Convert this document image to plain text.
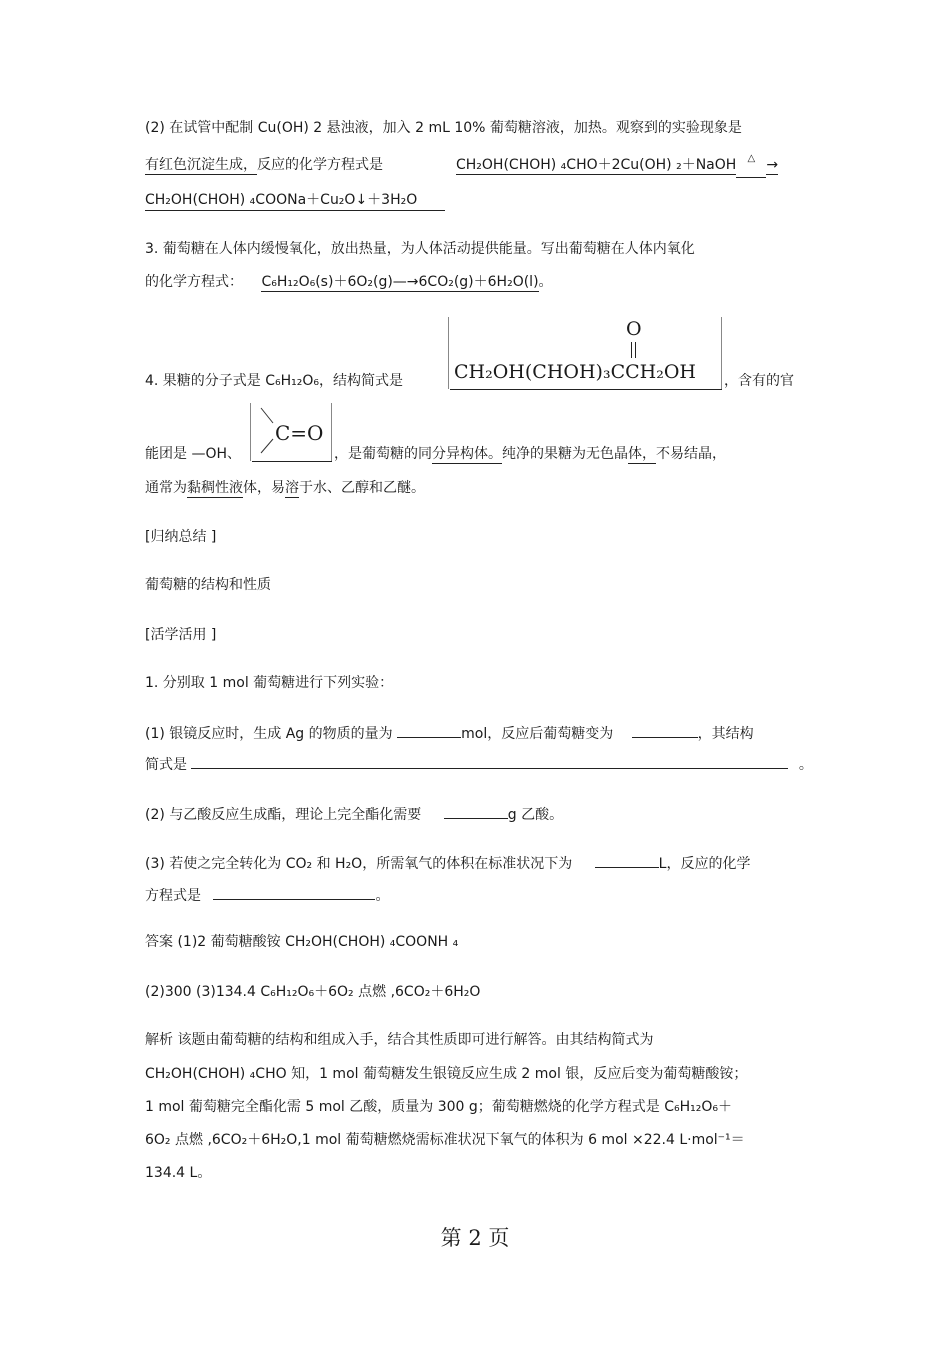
(2) 在试管中配制 Cu(OH) 2 悬浊液，加入 2 mL 10% 葡萄糖溶液，加热。观察到的实验现象是
有红色沉淀生成，反应的化学方程式是	CH₂OH(CHOH) ₄CHO＋2Cu(OH) ₂＋NaOH △ →
CH₂OH(CHOH) ₄COONa＋Cu₂O↓＋3H₂O
3. 葡萄糖在人体内缓慢氧化，放出热量，为人体活动提供能量。写出葡萄糖在人体内氧化
的化学方程式： C₆H₁₂O₆(s)＋6O₂(g)—→6CO₂(g)＋6H₂O(l)。
4. 果糖的分子式是 C₆H₁₂O₆，结构简式是
O
CH₂OH(CHOH)₃CCH₂OH ，含有的官
能团是 —OH、
C=O
，是葡萄糖的同分异构体。纯净的果糖为无色晶体，不易结晶，
通常为黏稠性液体，易溶于水、乙醇和乙醚。
[归纳总结 ]
葡萄糖的结构和性质
[活学活用 ]
1. 分别取 1 mol 葡萄糖进行下列实验：
(1) 银镜反应时，生成 Ag 的物质的量为	mol，反应后葡萄糖变为	，其结构
简式是	。
(2) 与乙酸反应生成酯，理论上完全酯化需要	g 乙酸。
(3) 若使之完全转化为 CO₂ 和 H₂O，所需氧气的体积在标准状况下为	L，反应的化学
方程式是	。
答案 (1)2 葡萄糖酸铵 CH₂OH(CHOH) ₄COONH ₄
(2)300 (3)134.4 C₆H₁₂O₆＋6O₂ 点燃 ,6CO₂＋6H₂O
解析 该题由葡萄糖的结构和组成入手，结合其性质即可进行解答。由其结构简式为
CH₂OH(CHOH) ₄CHO 知，1 mol 葡萄糖发生银镜反应生成 2 mol 银，反应后变为葡萄糖酸铵；
1 mol 葡萄糖完全酯化需 5 mol 乙酸，质量为 300 g；葡萄糖燃烧的化学方程式是 C₆H₁₂O₆＋
6O₂ 点燃 ,6CO₂＋6H₂O,1 mol 葡萄糖燃烧需标准状况下氧气的体积为 6 mol ×22.4 L·mol⁻¹＝
134.4 L。
第 2 页
